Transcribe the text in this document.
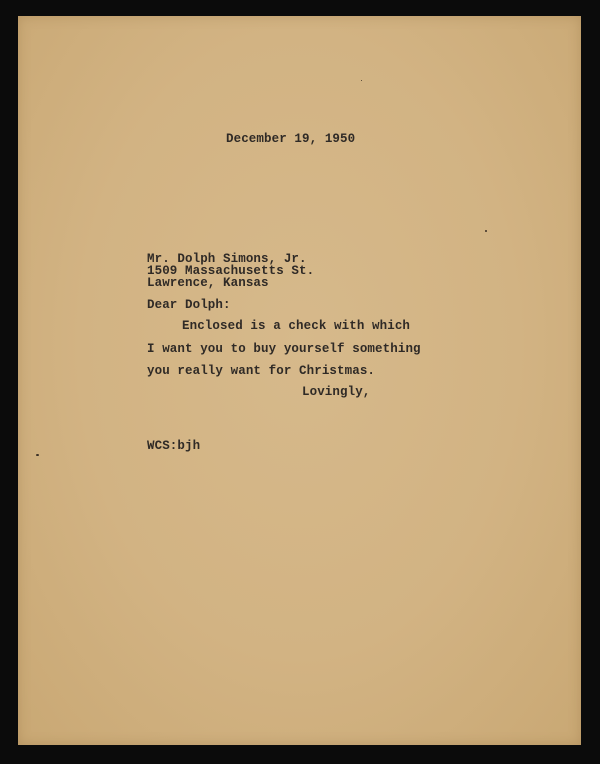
December 19, 1950
Mr. Dolph Simons, Jr.
1509 Massachusetts St.
Lawrence, Kansas
Dear Dolph:
Enclosed is a check with which
I want you to buy yourself something
you really want for Christmas.
Lovingly,
WCS:bjh
